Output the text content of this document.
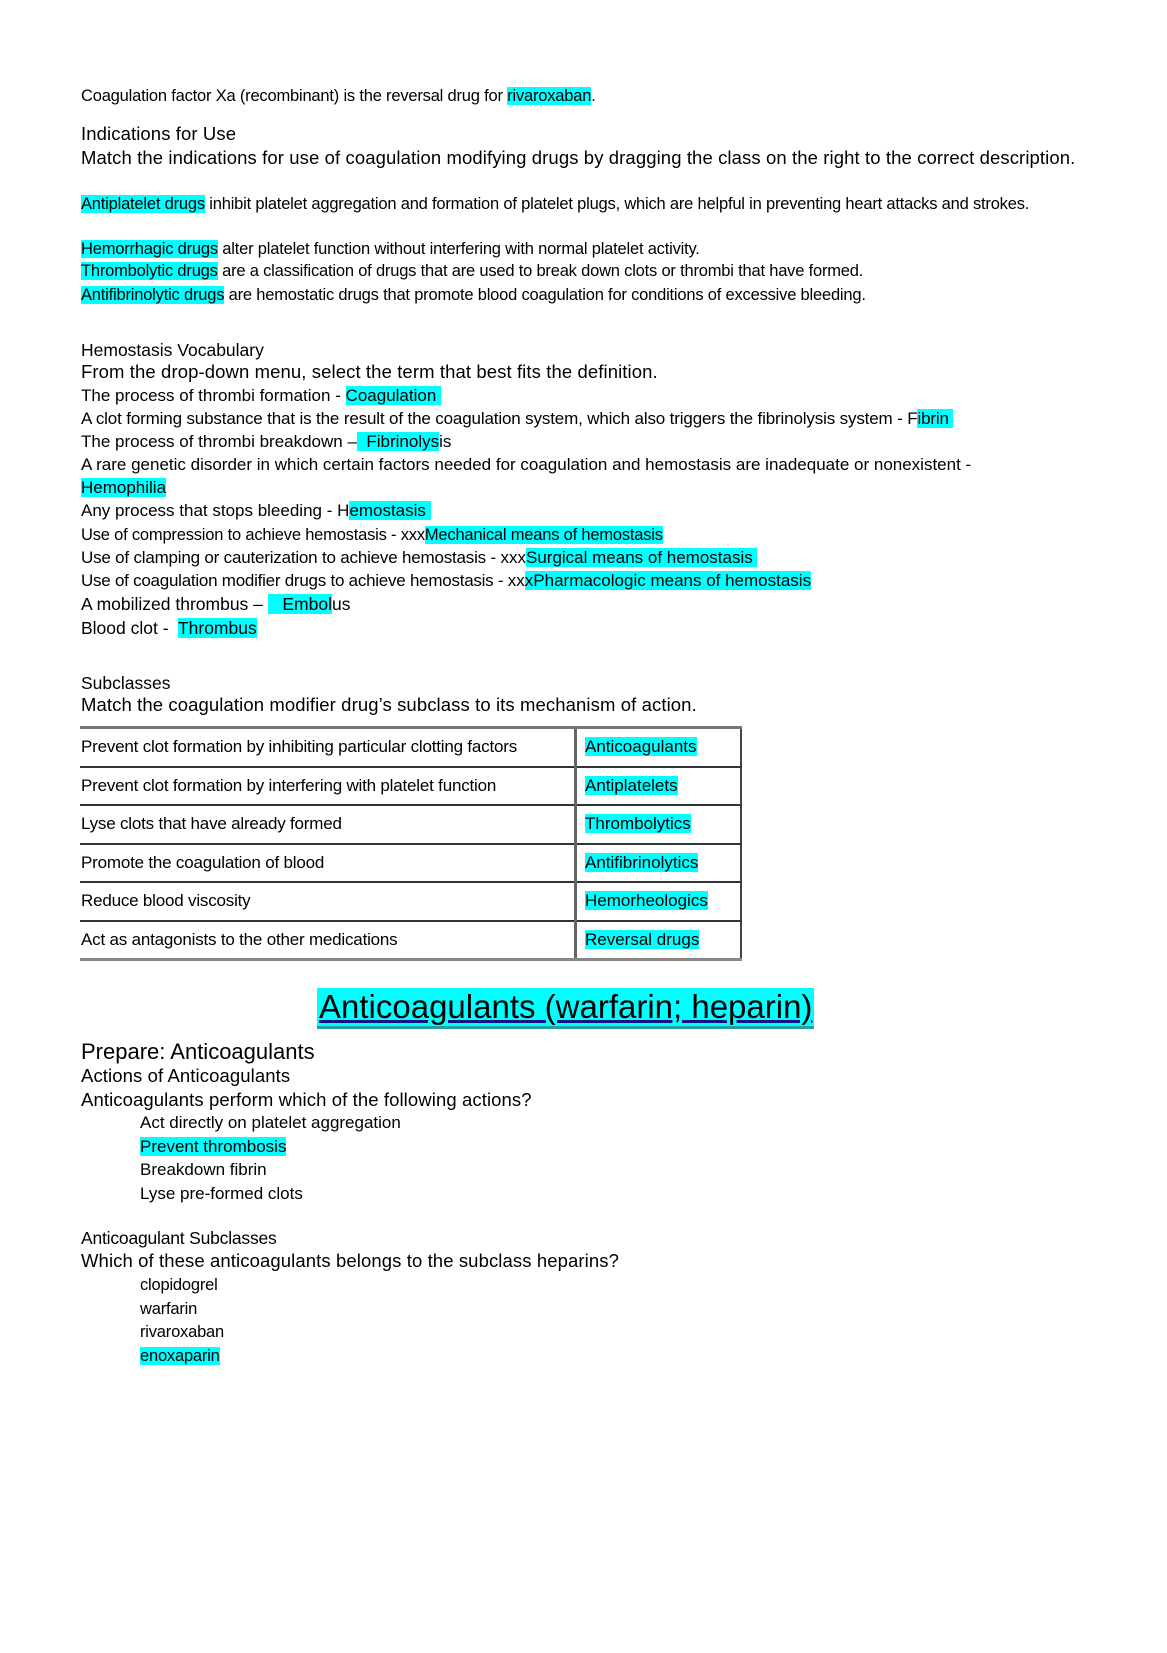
Coagulation factor Xa (recombinant) is the reversal drug for rivaroxaban.
Indications for Use
Match the indications for use of coagulation modifying drugs by dragging the class on the right to the correct description.
Antiplatelet drugs inhibit platelet aggregation and formation of platelet plugs, which are helpful in preventing heart attacks and strokes.
Hemorrhagic drugs alter platelet function without interfering with normal platelet activity.
Thrombolytic drugs are a classification of drugs that are used to break down clots or thrombi that have formed.
Antifibrinolytic drugs are hemostatic drugs that promote blood coagulation for conditions of excessive bleeding.
Hemostasis Vocabulary
From the drop-down menu, select the term that best fits the definition.
The process of thrombi formation - Coagulation
A clot forming substance that is the result of the coagulation system, which also triggers the fibrinolysis system - Fibrin
The process of thrombi breakdown –  Fibrinolysis
A rare genetic disorder in which certain factors needed for coagulation and hemostasis are inadequate or nonexistent -
Hemophilia
Any process that stops bleeding - Hemostasis
Use of compression to achieve hemostasis - xxxMechanical means of hemostasis
Use of clamping or cauterization to achieve hemostasis - xxxSurgical means of hemostasis
Use of coagulation modifier drugs to achieve hemostasis - xxxPharmacologic means of hemostasis
A mobilized thrombus –    Embolus
Blood clot -  Thrombus
Subclasses
Match the coagulation modifier drug’s subclass to its mechanism of action.
Prevent clot formation by inhibiting particular clotting factors	Anticoagulants
Prevent clot formation by interfering with platelet function	Antiplatelets
Lyse clots that have already formed	Thrombolytics
Promote the coagulation of blood	Antifibrinolytics
Reduce blood viscosity	Hemorheologics
Act as antagonists to the other medications	Reversal drugs
Anticoagulants (warfarin; heparin)
Prepare: Anticoagulants
Actions of Anticoagulants
Anticoagulants perform which of the following actions?
Act directly on platelet aggregation
Prevent thrombosis
Breakdown fibrin
Lyse pre-formed clots
Anticoagulant Subclasses
Which of these anticoagulants belongs to the subclass heparins?
clopidogrel
warfarin
rivaroxaban
enoxaparin
